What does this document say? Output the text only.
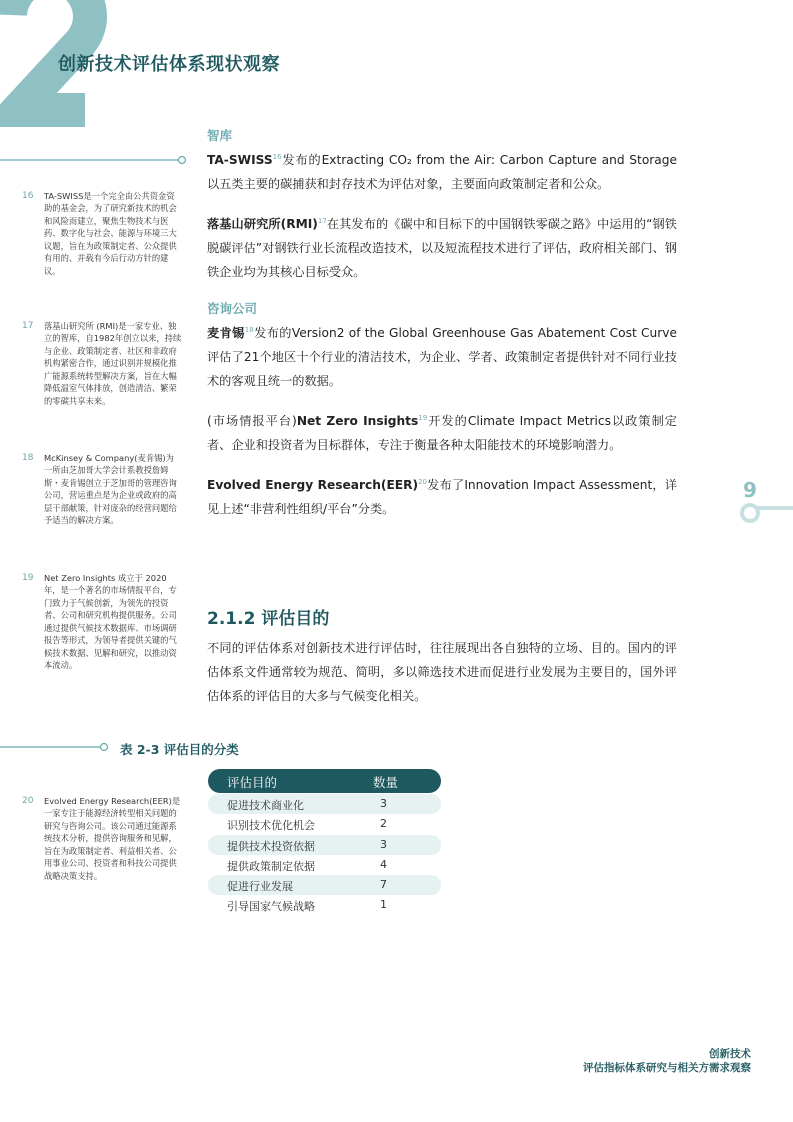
创新技术评估体系现状观察
16 TA-SWISS是一个完全由公共资金资助的基金会，为了研究新技术的机会和风险而建立，聚焦生物技术与医药、数字化与社会、能源与环境三大议题，旨在为政策制定者、公众提供有用的、并载有今后行动方针的建议。
17 落基山研究所 (RMI)是一家专业、独立的智库，自1982年创立以来，持续与企业、政策制定者、社区和非政府机构紧密合作，通过识别并规模化推广能源系统转型解决方案，旨在大幅降低温室气体排放，创造清洁、繁荣的零碳共享未来。
18 McKinsey & Company(麦肯锡)为一所由芝加哥大学会计系教授詹姆斯・麦肯锡创立于芝加哥的管理咨询公司，营运重点是为企业或政府的高层干部献策，针对庞杂的经营问题给予适当的解决方案。
19 Net Zero Insights 成立于 2020年，是一个著名的市场情报平台，专门致力于气候创新，为领先的投资者、公司和研究机构提供服务。公司通过提供气候技术数据库、市场调研报告等形式，为领导者提供关键的气候技术数据、见解和研究，以推动资本流动。
20 Evolved Energy Research(EER)是一家专注于能源经济转型相关问题的研究与咨询公司。该公司通过能源系统技术分析，提供咨询服务和见解，旨在为政策制定者、利益相关者、公用事业公司、投资者和科技公司提供战略决策支持。
智库

TA-SWISS$^{16}$发布的Extracting CO₂ from the Air: Carbon Capture and Storage以五类主要的碳捕获和封存技术为评估对象，主要面向政策制定者和公众。

落基山研究所(RMI)$^{17}$在其发布的《碳中和目标下的中国钢铁零碳之路》中运用的“钢铁脱碳评估”对钢铁行业长流程改造技术，以及短流程技术进行了评估，政府相关部门、钢铁企业均为其核心目标受众。

咨询公司

麦肯锡$^{18}$发布的Version2 of the Global Greenhouse Gas Abatement Cost Curve评估了21个地区十个行业的清洁技术，为企业、学者、政策制定者提供针对不同行业技术的客观且统一的数据。

(市场情报平台)Net Zero Insights$^{19}$开发的Climate Impact Metrics以政策制定者、企业和投资者为目标群体，专注于衡量各种太阳能技术的环境影响潜力。

Evolved Energy Research(EER)$^{20}$发布了Innovation Impact Assessment，详见上述“非营利性组织/平台”分类。

2.1.2 评估目的
不同的评估体系对创新技术进行评估时，往往展现出各自独特的立场、目的。国内的评估体系文件通常较为规范、简明，多以筛选技术进而促进行业发展为主要目的，国外评估体系的评估目的大多与气候变化相关。
表 2-3 评估目的分类
评估目的	数量
促进技术商业化	3
识别技术优化机会	2
提供技术投资依据	3
提供政策制定依据	4
促进行业发展	7
引导国家气候战略	1
9
创新技术
评估指标体系研究与相关方需求观察
